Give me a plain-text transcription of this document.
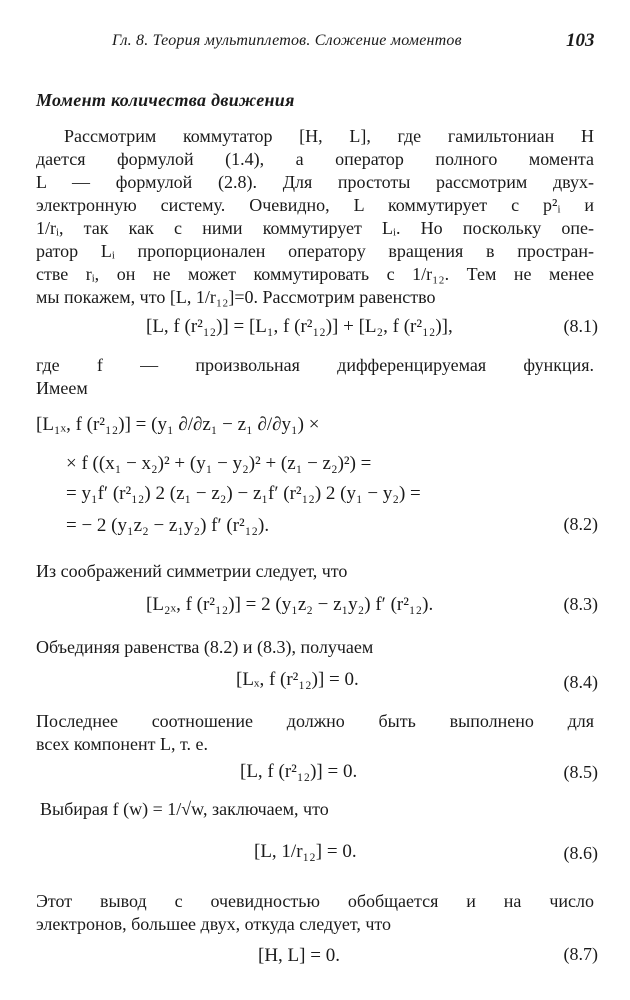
Гл. 8. Теория мультиплетов. Сложение моментов	103
Момент количества движения
Рассмотрим коммутатор [H, L], где гамильтониан H
дается формулой (1.4), а оператор полного момента
L — формулой (2.8). Для простоты рассмотрим двух-
электронную систему. Очевидно, L коммутирует с p²ᵢ и
1/rᵢ, так как с ними коммутирует Lᵢ. Но поскольку опе-
ратор Lᵢ пропорционален оператору вращения в простран-
стве rᵢ, он не может коммутировать с 1/r₁₂. Тем не менее
мы покажем, что [L, 1/r₁₂]=0. Рассмотрим равенство
[L, f (r²₁₂)] = [L₁, f (r²₁₂)] + [L₂, f (r²₁₂)],	(8.1)
где f — произвольная дифференцируемая функция.
Имеем
[L₁ₓ, f (r²₁₂)] = (y₁ ∂/∂z₁ − z₁ ∂/∂y₁) ×
× f ((x₁ − x₂)² + (y₁ − y₂)² + (z₁ − z₂)²) =
= y₁f′ (r²₁₂) 2 (z₁ − z₂) − z₁f′ (r²₁₂) 2 (y₁ − y₂) =
= − 2 (y₁z₂ − z₁y₂) f′ (r²₁₂).	(8.2)
Из соображений симметрии следует, что
[L₂ₓ, f (r²₁₂)] = 2 (y₁z₂ − z₁y₂) f′ (r²₁₂).	(8.3)
Объединяя равенства (8.2) и (8.3), получаем
[Lₓ, f (r²₁₂)] = 0.	(8.4)
Последнее соотношение должно быть выполнено для
всех компонент L, т. е.
[L, f (r²₁₂)] = 0.	(8.5)
Выбирая f (w) = 1/√w, заключаем, что
[L, 1/r₁₂] = 0.	(8.6)
Этот вывод с очевидностью обобщается и на число
электронов, большее двух, откуда следует, что
[H, L] = 0.	(8.7)
